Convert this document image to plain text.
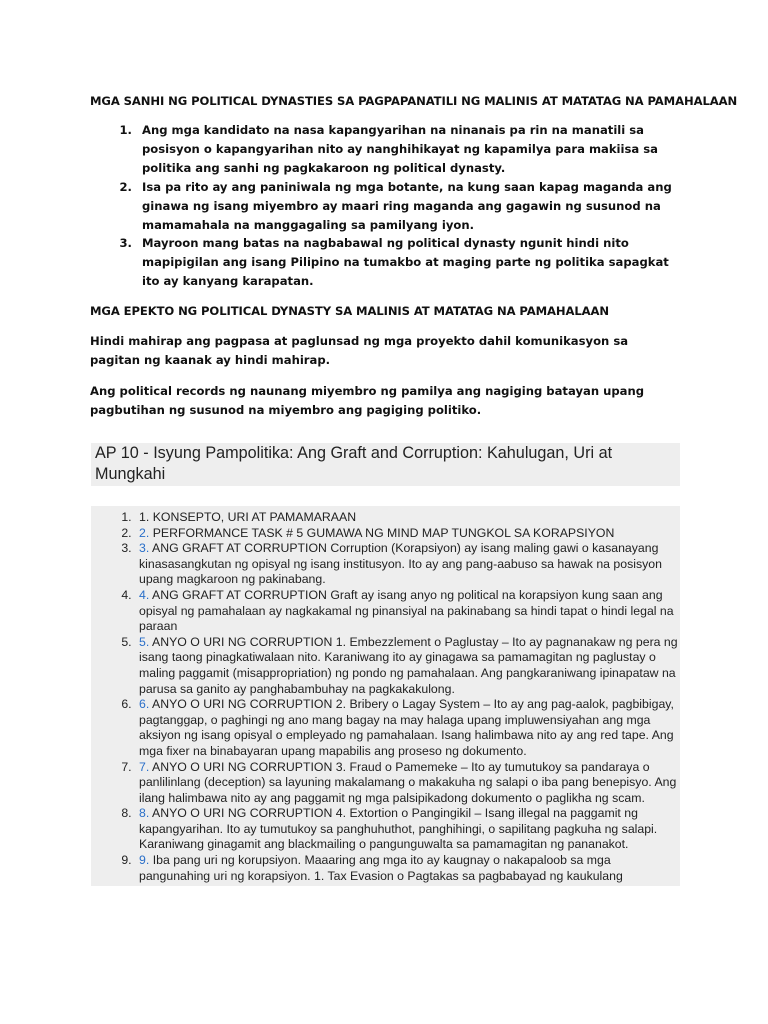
MGA SANHI NG POLITICAL DYNASTIES SA PAGPAPANATILI NG MALINIS AT MATATAG NA PAMAHALAAN

1. Ang mga kandidato na nasa kapangyarihan na ninanais pa rin na manatili sa posisyon o kapangyarihan nito ay nanghihikayat ng kapamilya para makiisa sa politika ang sanhi ng pagkakaroon ng political dynasty.
2. Isa pa rito ay ang paniniwala ng mga botante, na kung saan kapag maganda ang ginawa ng isang miyembro ay maari ring maganda ang gagawin ng susunod na mamamahala na manggagaling sa pamilyang iyon.
3. Mayroon mang batas na nagbabawal ng political dynasty ngunit hindi nito mapipigilan ang isang Pilipino na tumakbo at maging parte ng politika sapagkat ito ay kanyang karapatan.

MGA EPEKTO NG POLITICAL DYNASTY SA MALINIS AT MATATAG NA PAMAHALAAN

Hindi mahirap ang pagpasa at paglunsad ng mga proyekto dahil komunikasyon sa pagitan ng kaanak ay hindi mahirap.

Ang political records ng naunang miyembro ng pamilya ang nagiging batayan upang pagbutihan ng susunod na miyembro ang pagiging politiko.

AP 10 - Isyung Pampolitika: Ang Graft and Corruption: Kahulugan, Uri at Mungkahi

1. 1. KONSEPTO, URI AT PAMAMARAAN
2. 2. PERFORMANCE TASK # 5 GUMAWA NG MIND MAP TUNGKOL SA KORAPSIYON
3. 3. ANG GRAFT AT CORRUPTION Corruption (Korapsiyon) ay isang maling gawi o kasanayang kinasasangkutan ng opisyal ng isang institusyon. Ito ay ang pang-aabuso sa hawak na posisyon upang magkaroon ng pakinabang.
4. 4. ANG GRAFT AT CORRUPTION Graft ay isang anyo ng political na korapsiyon kung saan ang opisyal ng pamahalaan ay nagkakamal ng pinansiyal na pakinabang sa hindi tapat o hindi legal na paraan
5. 5. ANYO O URI NG CORRUPTION 1. Embezzlement o Paglustay – Ito ay pagnanakaw ng pera ng isang taong pinagkatiwalaan nito. Karaniwang ito ay ginagawa sa pamamagitan ng paglustay o maling paggamit (misappropriation) ng pondo ng pamahalaan. Ang pangkaraniwang ipinapataw na parusa sa ganito ay panghabambuhay na pagkakakulong.
6. 6. ANYO O URI NG CORRUPTION 2. Bribery o Lagay System – Ito ay ang pag-aalok, pagbibigay, pagtanggap, o paghingi ng ano mang bagay na may halaga upang impluwensiyahan ang mga aksiyon ng isang opisyal o empleyado ng pamahalaan. Isang halimbawa nito ay ang red tape. Ang mga fixer na binabayaran upang mapabilis ang proseso ng dokumento.
7. 7. ANYO O URI NG CORRUPTION 3. Fraud o Pamemeke – Ito ay tumutukoy sa pandaraya o panlilinlang (deception) sa layuning makalamang o makakuha ng salapi o iba pang benepisyo. Ang ilang halimbawa nito ay ang paggamit ng mga palsipikadong dokumento o paglikha ng scam.
8. 8. ANYO O URI NG CORRUPTION 4. Extortion o Pangingikil – Isang illegal na paggamit ng kapangyarihan. Ito ay tumutukoy sa panghuhuthot, panghihingi, o sapilitang pagkuha ng salapi. Karaniwang ginagamit ang blackmailing o pangunguwalta sa pamamagitan ng pananakot.
9. 9. Iba pang uri ng korupsiyon. Maaaring ang mga ito ay kaugnay o nakapaloob sa mga pangunahing uri ng korapsiyon. 1. Tax Evasion o Pagtakas sa pagbabayad ng kaukulang
